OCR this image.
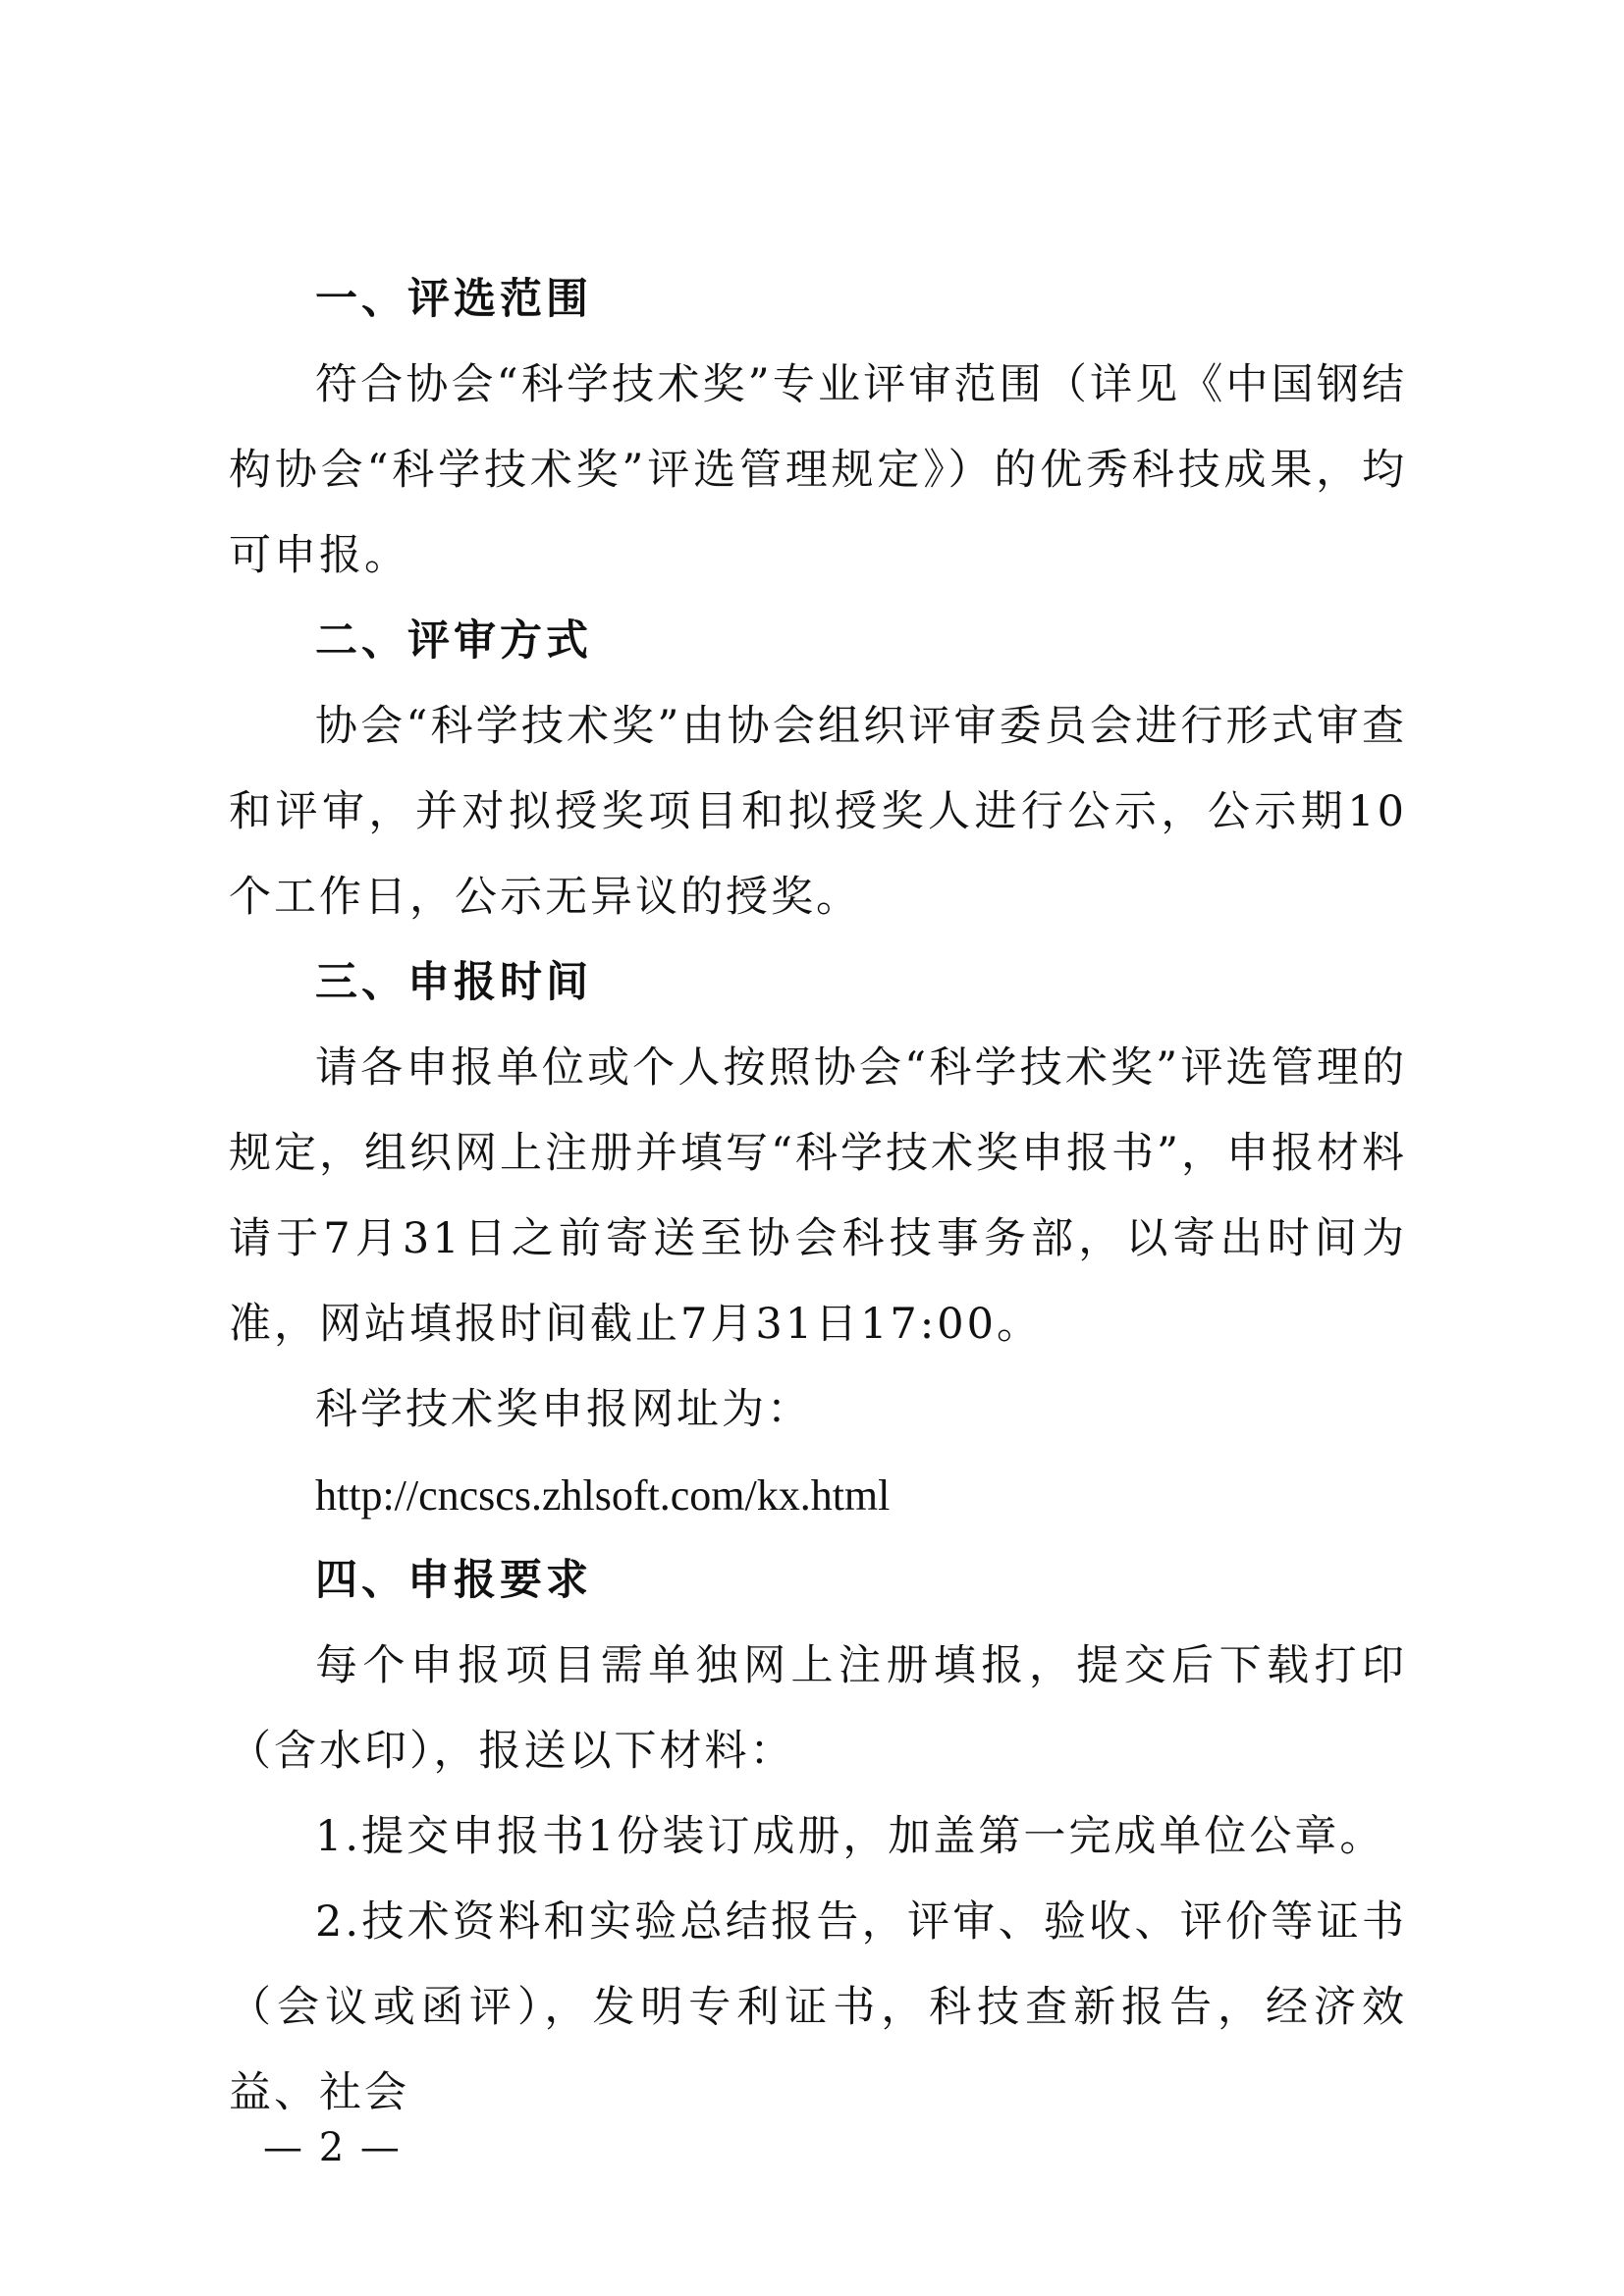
一、评选范围

符合协会“科学技术奖”专业评审范围（详见《中国钢结构协会“科学技术奖”评选管理规定》）的优秀科技成果，均可申报。

二、评审方式

协会“科学技术奖”由协会组织评审委员会进行形式审查和评审，并对拟授奖项目和拟授奖人进行公示，公示期10个工作日，公示无异议的授奖。

三、申报时间

请各申报单位或个人按照协会“科学技术奖”评选管理的规定，组织网上注册并填写“科学技术奖申报书”，申报材料请于7月31日之前寄送至协会科技事务部，以寄出时间为准，网站填报时间截止7月31日17:00。

科学技术奖申报网址为：

http://cncscs.zhlsoft.com/kx.html

四、申报要求

每个申报项目需单独网上注册填报，提交后下载打印（含水印），报送以下材料：

1.提交申报书1份装订成册，加盖第一完成单位公章。

2.技术资料和实验总结报告，评审、验收、评价等证书（会议或函评），发明专利证书，科技查新报告，经济效益、社会

— 2 —
